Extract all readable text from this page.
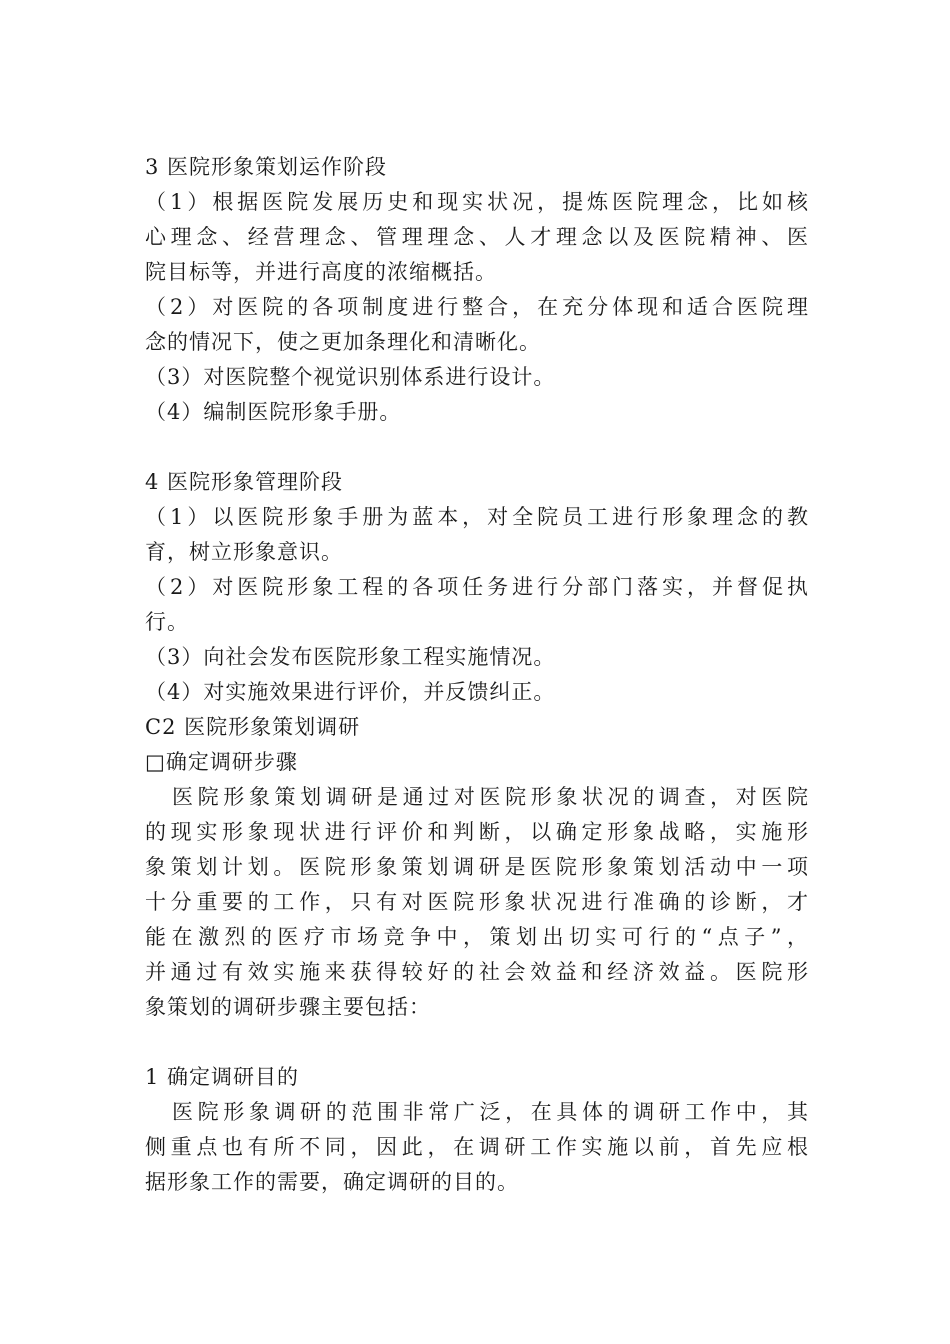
3 医院形象策划运作阶段
（1）根据医院发展历史和现实状况，提炼医院理念，比如核
心理念、经营理念、管理理念、人才理念以及医院精神、医
院目标等，并进行高度的浓缩概括。
（2）对医院的各项制度进行整合，在充分体现和适合医院理
念的情况下，使之更加条理化和清晰化。
（3）对医院整个视觉识别体系进行设计。
（4）编制医院形象手册。
4 医院形象管理阶段
（1）以医院形象手册为蓝本，对全院员工进行形象理念的教
育，树立形象意识。
（2）对医院形象工程的各项任务进行分部门落实，并督促执
行。
（3）向社会发布医院形象工程实施情况。
（4）对实施效果进行评价，并反馈纠正。
C2 医院形象策划调研
□确定调研步骤
医院形象策划调研是通过对医院形象状况的调查，对医院
的现实形象现状进行评价和判断，以确定形象战略，实施形
象策划计划。医院形象策划调研是医院形象策划活动中一项
十分重要的工作，只有对医院形象状况进行准确的诊断，才
能在激烈的医疗市场竞争中，策划出切实可行的“点子”，
并通过有效实施来获得较好的社会效益和经济效益。医院形
象策划的调研步骤主要包括：
1 确定调研目的
医院形象调研的范围非常广泛，在具体的调研工作中，其
侧重点也有所不同，因此，在调研工作实施以前，首先应根
据形象工作的需要，确定调研的目的。
